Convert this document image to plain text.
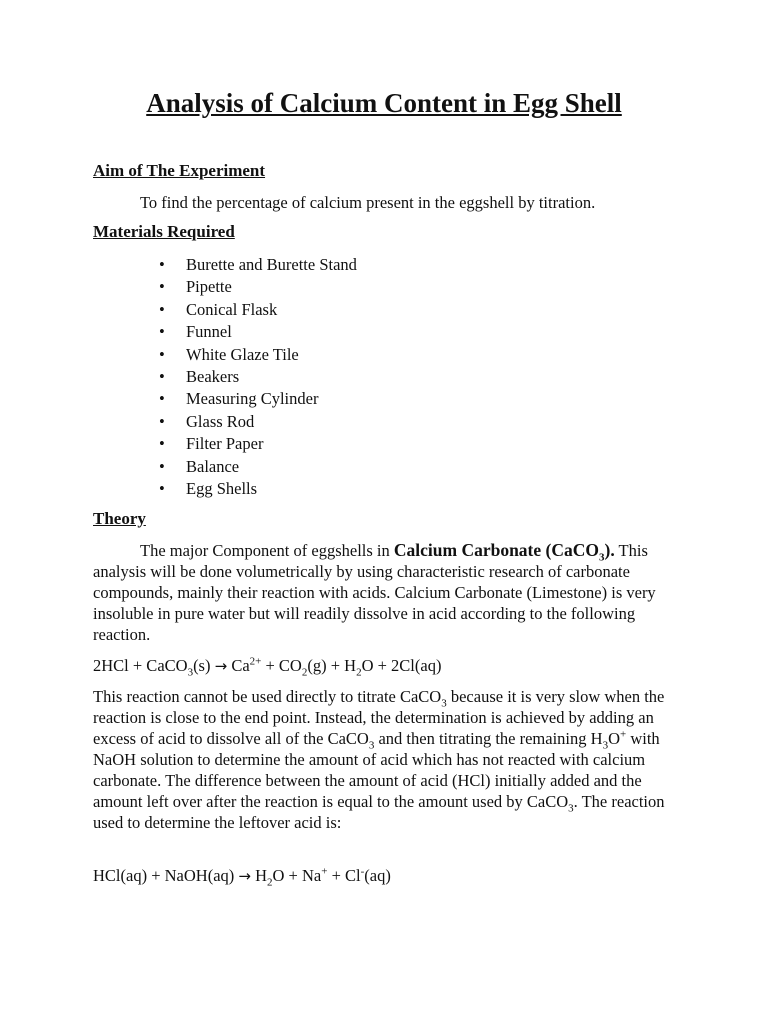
Analysis of Calcium Content in Egg Shell
Aim of The Experiment

To find the percentage of calcium present in the eggshell by titration.

Materials Required
• Burette and Burette Stand
• Pipette
• Conical Flask
• Funnel
• White Glaze Tile
• Beakers
• Measuring Cylinder
• Glass Rod
• Filter Paper
• Balance
• Egg Shells
Theory

The major Component of eggshells in Calcium Carbonate (CaCO$_3$). This analysis will be done volumetrically by using characteristic research of carbonate compounds, mainly their reaction with acids. Calcium Carbonate (Limestone) is very insoluble in pure water but will readily dissolve in acid according to the following reaction.

2HCl + CaCO$_3$(s) → $Ca^{2+} + CO_2(g) + H_2O + 2Cl(aq)$

This reaction cannot be used directly to titrate CaCO$_3$ because it is very slow when the reaction is close to the end point. Instead, the determination is achieved by adding an excess of acid to dissolve all of the CaCO$_3$ and then titrating the remaining $H_3O^+$ with NaOH solution to determine the amount of acid which has not reacted with calcium carbonate. The difference between the amount of acid (HCl) initially added and the amount left over after the reaction is equal to the amount used by CaCO$_3$. The reaction used to determine the leftover acid is:

HCl(aq) + NaOH(aq) → $H_2O + Na^+ + Cl^-(aq)$
